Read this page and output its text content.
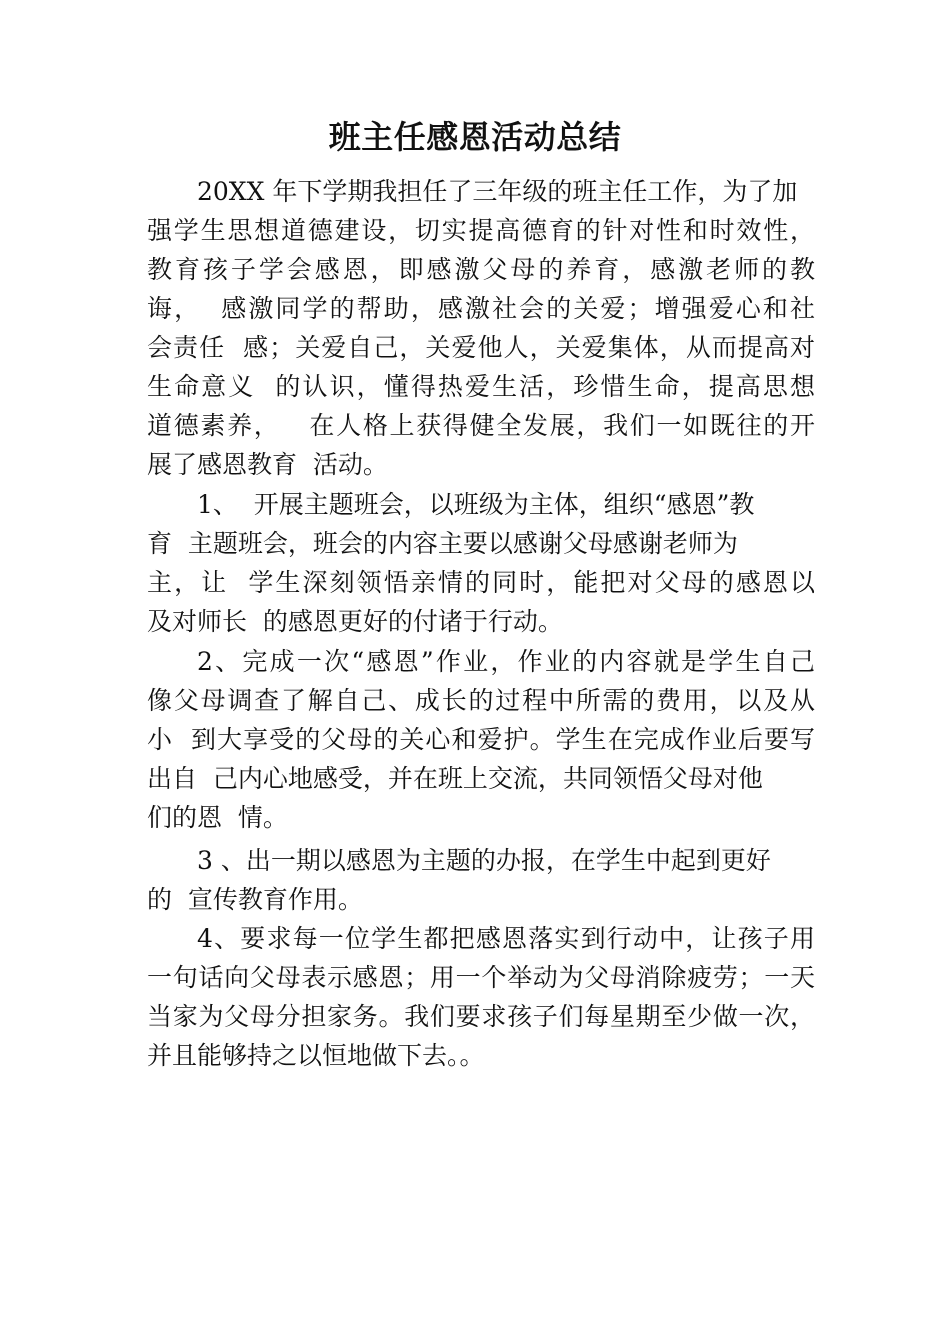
班主任感恩活动总结
20XX 年下学期我担任了三年级的班主任工作，为了加
强学生思想道德建设，切实提高德育的针对性和时效性，
教育孩子学会感恩，即感激父母的养育，感激老师的教
诲，  感激同学的帮助，感激社会的关爱；增强爱心和社
会责任  感；关爱自己，关爱他人，关爱集体，从而提高对
生命意义  的认识，懂得热爱生活，珍惜生命，提高思想
道德素养，   在人格上获得健全发展，我们一如既往的开
展了感恩教育  活动。
1、  开展主题班会，以班级为主体，组织“感恩”教
育  主题班会，班会的内容主要以感谢父母感谢老师为
主，让  学生深刻领悟亲情的同时，能把对父母的感恩以
及对师长  的感恩更好的付诸于行动。
2、完成一次“感恩”作业，作业的内容就是学生自己
像父母调查了解自己、成长的过程中所需的费用，以及从
小  到大享受的父母的关心和爱护。学生在完成作业后要写
出自  己内心地感受，并在班上交流，共同领悟父母对他
们的恩  情。
3 、出一期以感恩为主题的办报，在学生中起到更好
的  宣传教育作用。
4、要求每一位学生都把感恩落实到行动中，让孩子用
一句话向父母表示感恩；用一个举动为父母消除疲劳；一天
当家为父母分担家务。我们要求孩子们每星期至少做一次，
并且能够持之以恒地做下去。。
